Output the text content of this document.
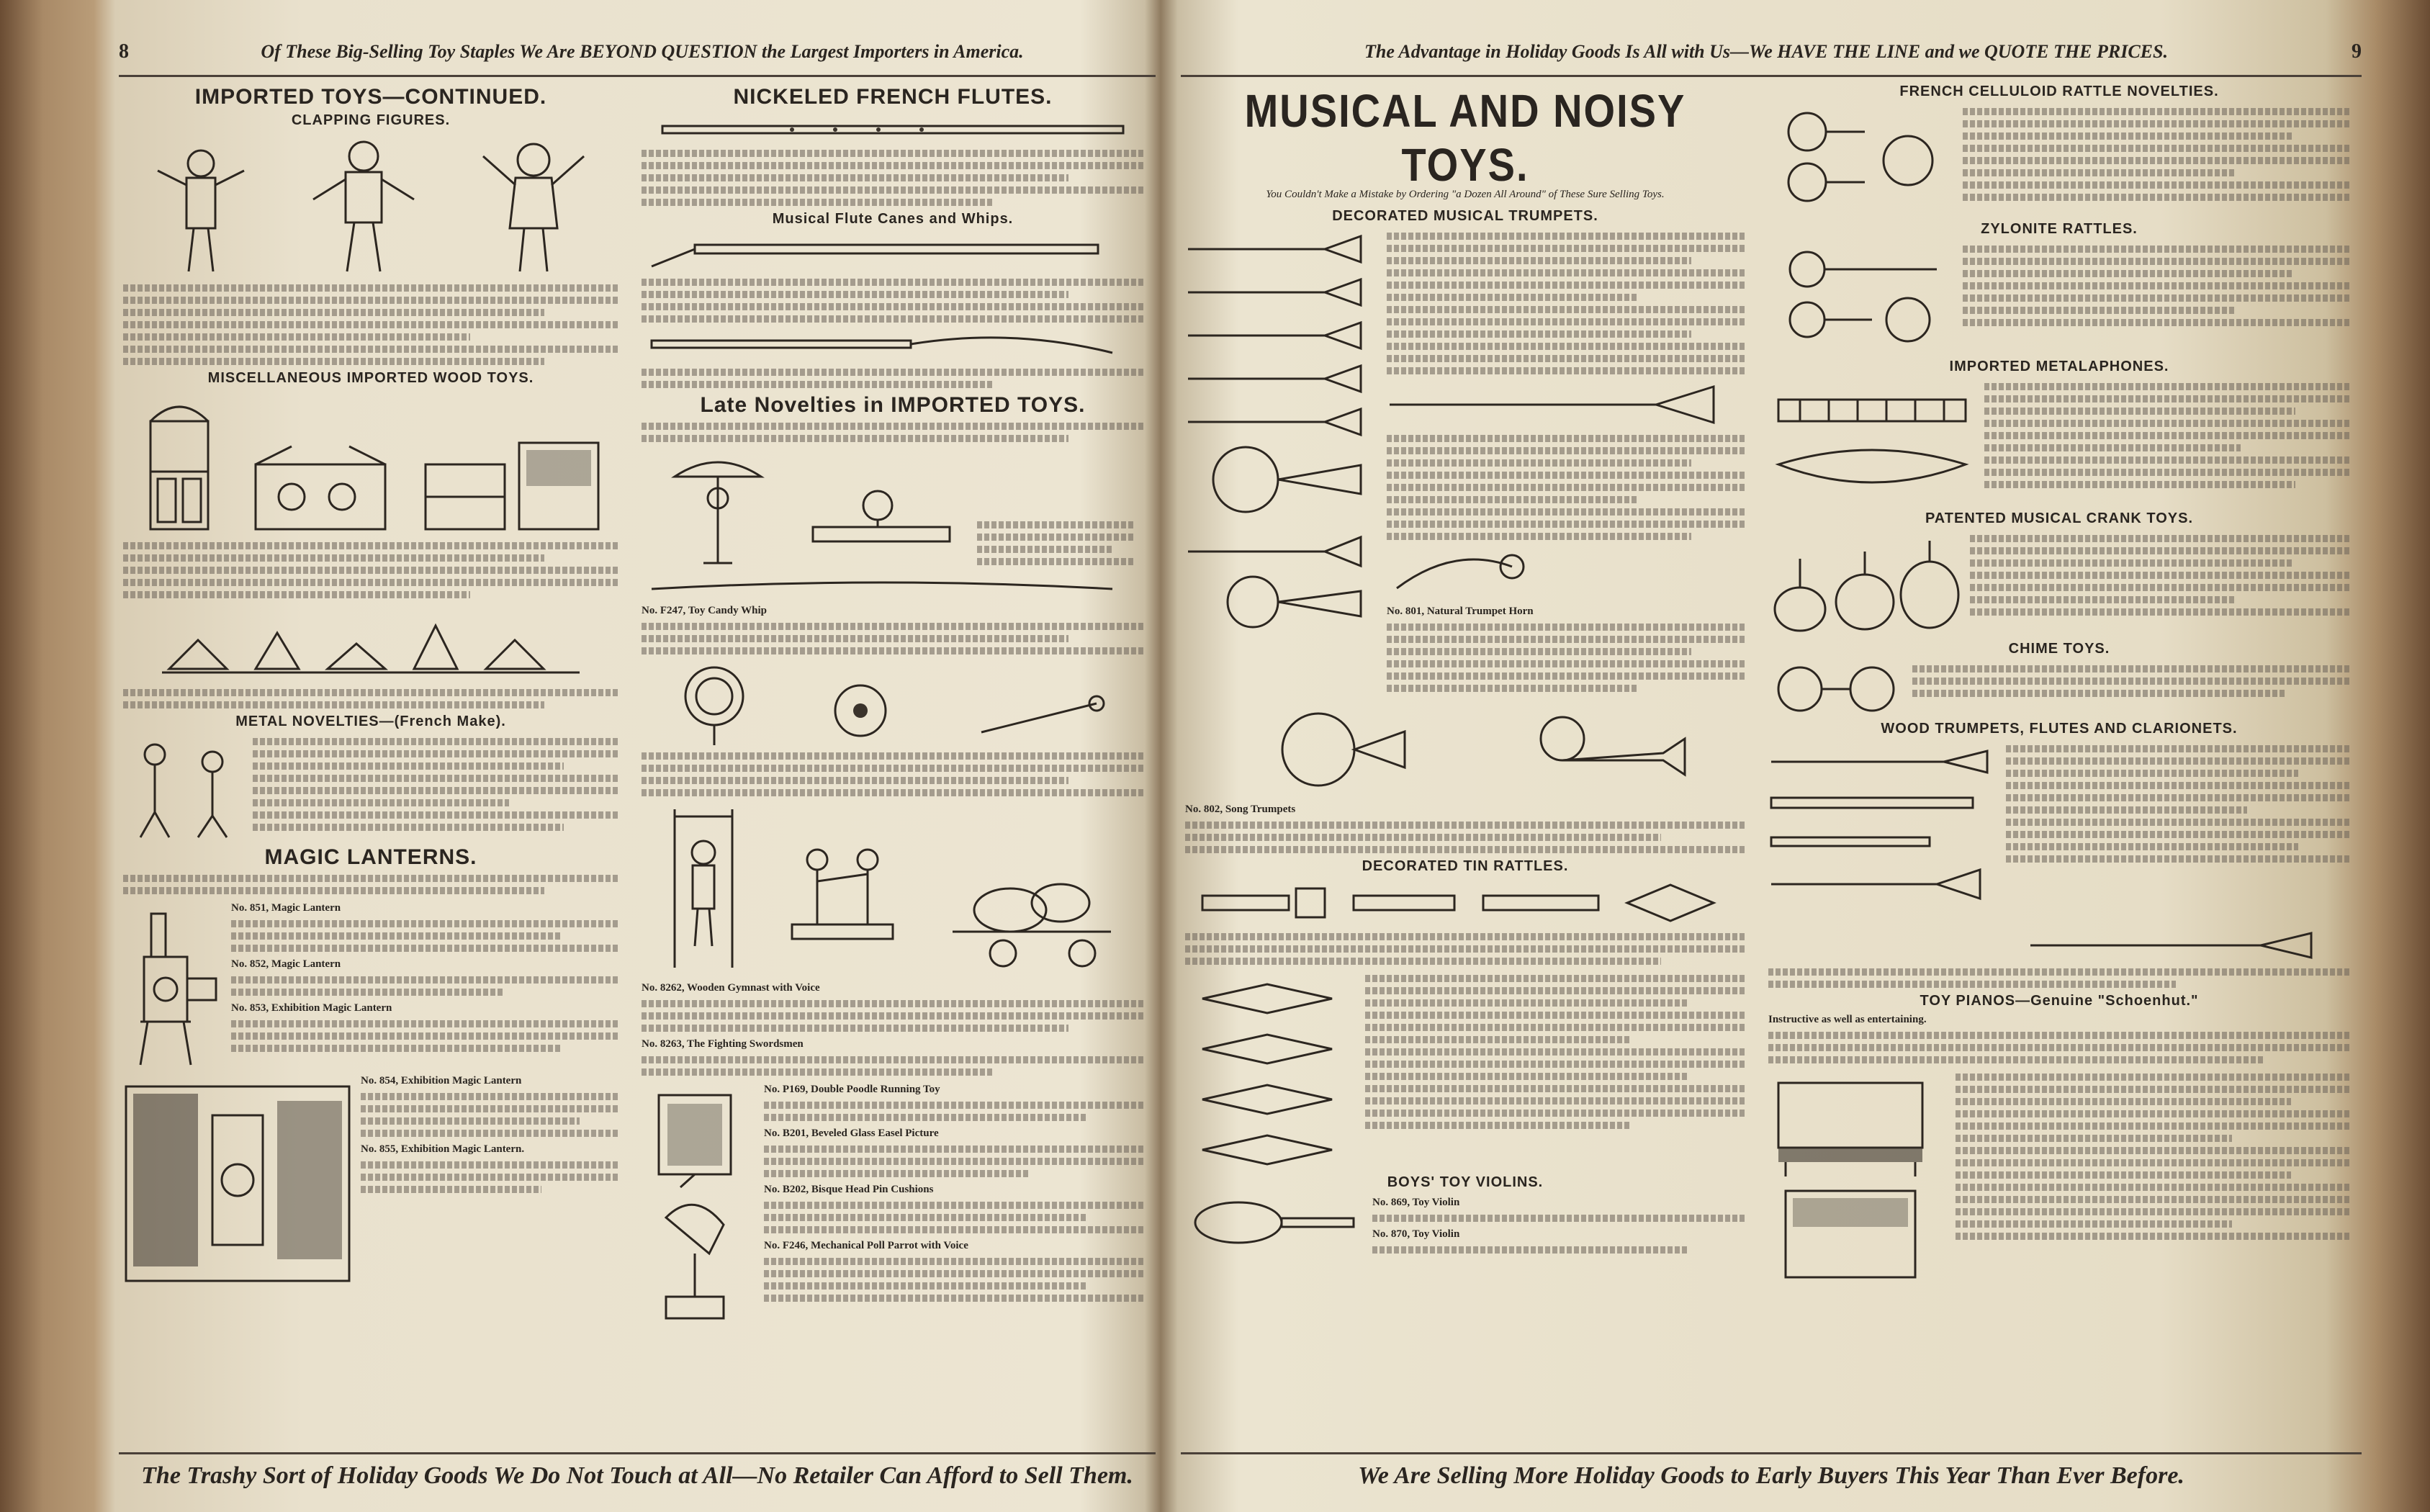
8	Of These Big-Selling Toy Staples We Are BEYOND QUESTION the Largest Importers in America.
IMPORTED TOYS—CONTINUED.
CLAPPING FIGURES.
MISCELLANEOUS IMPORTED WOOD TOYS.
METAL NOVELTIES—(French Make).
MAGIC LANTERNS.
No. 851, Magic Lantern
No. 852, Magic Lantern
No. 853, Exhibition Magic Lantern
No. 854, Exhibition Magic Lantern
No. 855, Exhibition Magic Lantern.
NICKELED FRENCH FLUTES.
Musical Flute Canes and Whips.
Late Novelties in IMPORTED TOYS.
No. F247, Toy Candy Whip
No. 8262, Wooden Gymnast with Voice
No. 8263, The Fighting Swordsmen
No. P169, Double Poodle Running Toy
No. B201, Beveled Glass Easel Picture
No. B202, Bisque Head Pin Cushions
No. F246, Mechanical Poll Parrot with Voice
The Trashy Sort of Holiday Goods We Do Not Touch at All—No Retailer Can Afford to Sell Them.
The Advantage in Holiday Goods Is All with Us—We HAVE THE LINE and we QUOTE THE PRICES.	9
MUSICAL AND NOISY TOYS.
You Couldn't Make a Mistake by Ordering "a Dozen All Around" of These Sure Selling Toys.
DECORATED MUSICAL TRUMPETS.
No. 801, Natural Trumpet Horn
No. 802, Song Trumpets
DECORATED TIN RATTLES.
BOYS' TOY VIOLINS.
No. 869, Toy Violin
No. 870, Toy Violin
FRENCH CELLULOID RATTLE NOVELTIES.
ZYLONITE RATTLES.
IMPORTED METALAPHONES.
PATENTED MUSICAL CRANK TOYS.
CHIME TOYS.
WOOD TRUMPETS, FLUTES AND CLARIONETS.
TOY PIANOS—Genuine "Schoenhut."
Instructive as well as entertaining.
We Are Selling More Holiday Goods to Early Buyers This Year Than Ever Before.
